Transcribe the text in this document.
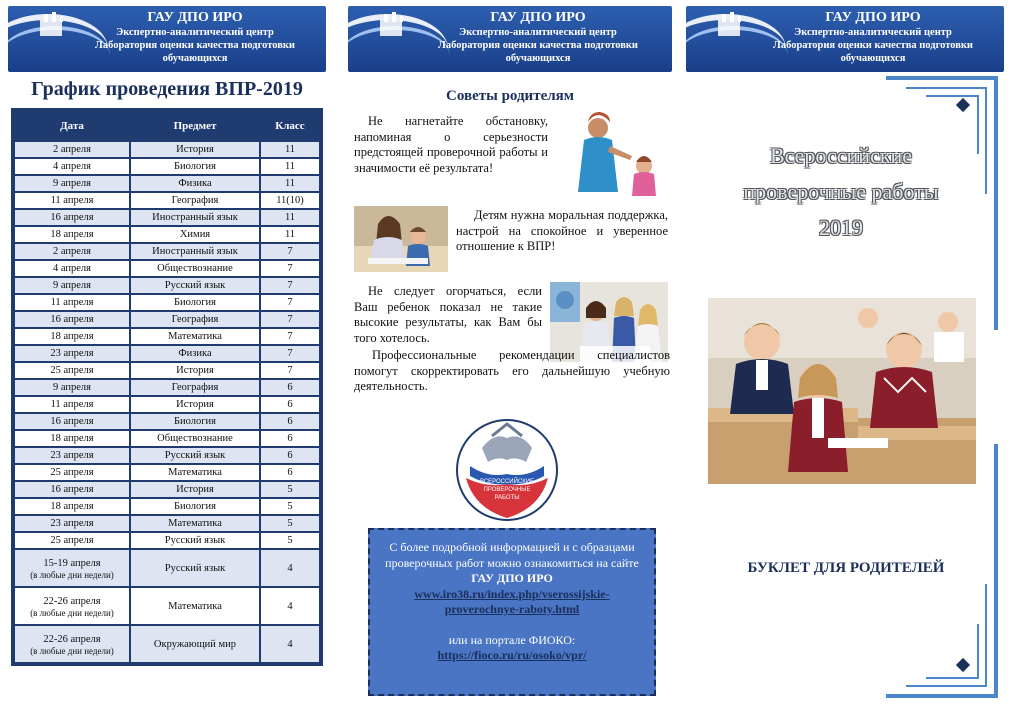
ГАУ ДПО ИРО
Экспертно-аналитический центр
Лаборатория оценки качества подготовки
обучающихся
График проведения ВПР-2019
Дата	Предмет	Класс
2 апреля	История	11
4 апреля	Биология	11
9 апреля	Физика	11
11 апреля	География	11(10)
16 апреля	Иностранный язык	11
18 апреля	Химия	11
2 апреля	Иностранный язык	7
4 апреля	Обществознание	7
9 апреля	Русский язык	7
11 апреля	Биология	7
16 апреля	География	7
18 апреля	Математика	7
23 апреля	Физика	7
25 апреля	История	7
9 апреля	География	6
11 апреля	История	6
16 апреля	Биология	6
18 апреля	Обществознание	6
23 апреля	Русский язык	6
25 апреля	Математика	6
16 апреля	История	5
18 апреля	Биология	5
23 апреля	Математика	5
25 апреля	Русский язык	5
15-19 апреля
(в любые дни недели)	Русский язык	4
22-26 апреля
(в любые дни недели)	Математика	4
22-26 апреля
(в любые дни недели)	Окружающий мир	4
ГАУ ДПО ИРО
Экспертно-аналитический центр
Лаборатория оценки качества подготовки
обучающихся
Советы родителям
Не нагнетайте обстановку, напоминая о серьезности предстоящей проверочной работы и значимости её результата!
Детям нужна моральная поддержка, настрой на спокойное и уверенное отношение к ВПР!
Не следует огорчаться, если Ваш ребенок показал не такие высокие результаты, как Вам бы того хотелось.
Профессиональные рекомендации специалистов помогут скорректировать его дальнейшую учебную деятельность.
ВСЕРОССИЙСКИЕ ПРОВЕРОЧНЫЕ РАБОТЫ
С более подробной информацией и с образцами проверочных работ можно ознакомиться на сайте
ГАУ ДПО ИРО
www.iro38.ru/index.php/vserossijskie-proverochnye-raboty.html
или на портале ФИОКО:
https://fioco.ru/ru/osoko/vpr/
ГАУ ДПО ИРО
Экспертно-аналитический центр
Лаборатория оценки качества подготовки
обучающихся
Всероссийские
проверочные работы
2019
БУКЛЕТ ДЛЯ РОДИТЕЛЕЙ
